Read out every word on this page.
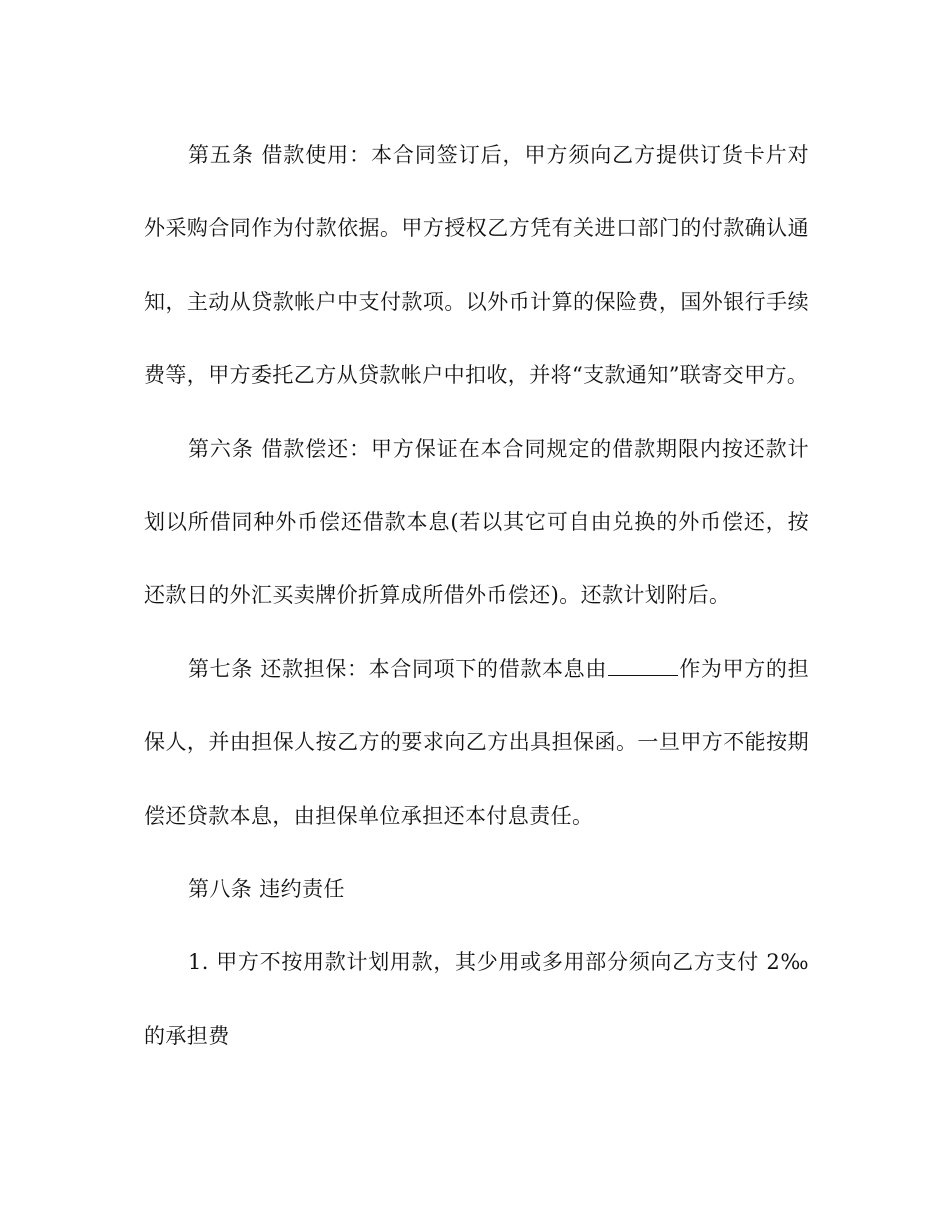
第五条 借款使用：本合同签订后，甲方须向乙方提供订货卡片对外采购合同作为付款依据。甲方授权乙方凭有关进口部门的付款确认通知，主动从贷款帐户中支付款项。以外币计算的保险费，国外银行手续费等，甲方委托乙方从贷款帐户中扣收，并将“支款通知”联寄交甲方。

第六条 借款偿还：甲方保证在本合同规定的借款期限内按还款计划以所借同种外币偿还借款本息(若以其它可自由兑换的外币偿还，按还款日的外汇买卖牌价折算成所借外币偿还)。还款计划附后。

第七条 还款担保：本合同项下的借款本息由	作为甲方的担保人，并由担保人按乙方的要求向乙方出具担保函。一旦甲方不能按期偿还贷款本息，由担保单位承担还本付息责任。

第八条 违约责任

1. 甲方不按用款计划用款，其少用或多用部分须向乙方支付 2‰ 的承担费
